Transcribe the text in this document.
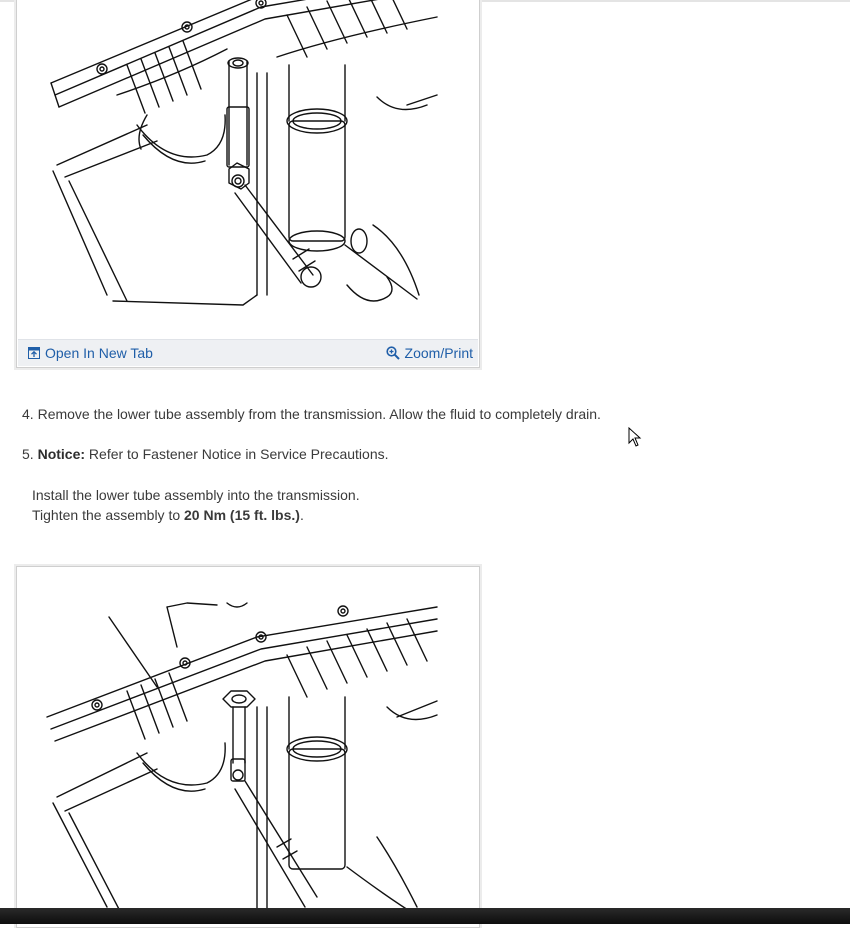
Open In New Tab	Zoom/Print
4. Remove the lower tube assembly from the transmission. Allow the fluid to completely drain.
5. Notice: Refer to Fastener Notice in Service Precautions.
Install the lower tube assembly into the transmission.
Tighten the assembly to 20 Nm (15 ft. lbs.).
